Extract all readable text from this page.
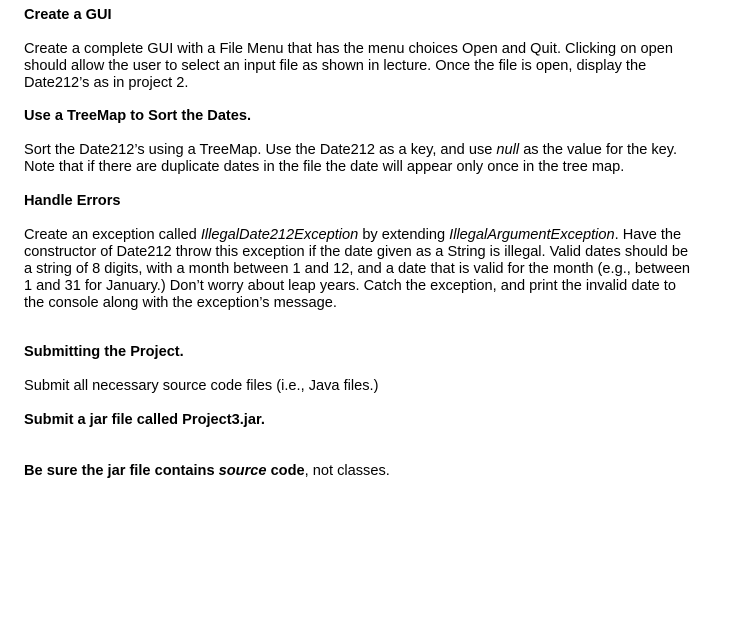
Create a GUI
Create a complete GUI with a File Menu that has the menu choices Open and Quit. Clicking on open
should allow the user to select an input file as shown in lecture. Once the file is open, display the
Date212’s as in project 2.
Use a TreeMap to Sort the Dates.
Sort the Date212’s using a TreeMap. Use the Date212 as a key, and use null as the value for the key.
Note that if there are duplicate dates in the file the date will appear only once in the tree map.
Handle Errors
Create an exception called IllegalDate212Exception by extending IllegalArgumentException. Have the
constructor of Date212 throw this exception if the date given as a String is illegal. Valid dates should be
a string of 8 digits, with a month between 1 and 12, and a date that is valid for the month (e.g., between
1 and 31 for January.) Don’t worry about leap years. Catch the exception, and print the invalid date to
the console along with the exception’s message.
Submitting the Project.
Submit all necessary source code files (i.e., Java files.)
Submit a jar file called Project3.jar.
Be sure the jar file contains source code, not classes.
